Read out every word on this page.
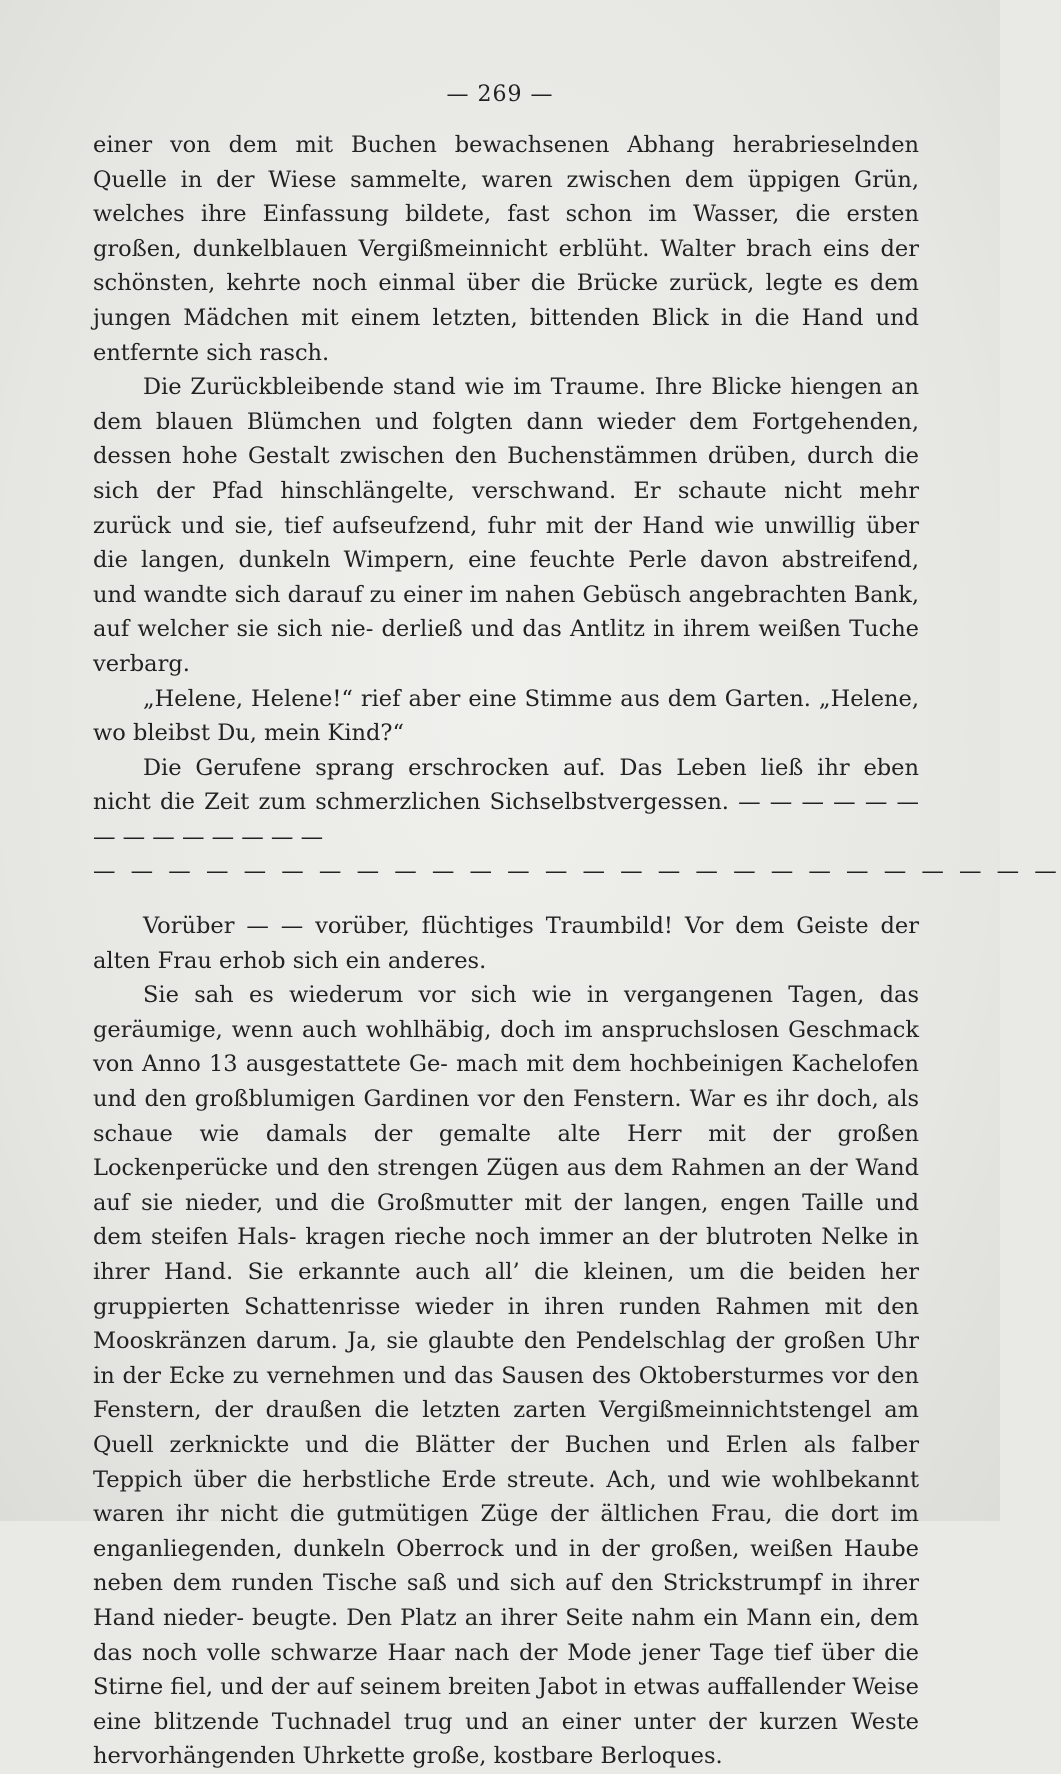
— 269 —

einer von dem mit Buchen bewachsenen Abhang herabrieselnden Quelle in der Wiese sammelte, waren zwischen dem üppigen Grün, welches ihre Einfassung bildete, fast schon im Wasser, die ersten großen, dunkelblauen Vergißmeinnicht erblüht. Walter brach eins der schönsten, kehrte noch einmal über die Brücke zurück, legte es dem jungen Mädchen mit einem letzten, bittenden Blick in die Hand und entfernte sich rasch.

Die Zurückbleibende stand wie im Traume. Ihre Blicke hiengen an dem blauen Blümchen und folgten dann wieder dem Fortgehenden, dessen hohe Gestalt zwischen den Buchenstämmen drüben, durch die sich der Pfad hinschlängelte, verschwand. Er schaute nicht mehr zurück und sie, tief aufseufzend, fuhr mit der Hand wie unwillig über die langen, dunkeln Wimpern, eine feuchte Perle davon abstreifend, und wandte sich darauf zu einer im nahen Gebüsch angebrachten Bank, auf welcher sie sich nie- derließ und das Antlitz in ihrem weißen Tuche verbarg.

„Helene, Helene!“ rief aber eine Stimme aus dem Garten. „Helene, wo bleibst Du, mein Kind?“

Die Gerufene sprang erschrocken auf. Das Leben ließ ihr eben nicht die Zeit zum schmerzlichen Sichselbstvergessen. — — — — — — — — — — — — — —

— — — — — — — — — — — — — — — — — — — — — — — — — —

Vorüber — — vorüber, flüchtiges Traumbild! Vor dem Geiste der alten Frau erhob sich ein anderes.

Sie sah es wiederum vor sich wie in vergangenen Tagen, das geräumige, wenn auch wohlhäbig, doch im anspruchslosen Geschmack von Anno 13 ausgestattete Ge- mach mit dem hochbeinigen Kachelofen und den großblumigen Gardinen vor den Fenstern. War es ihr doch, als schaue wie damals der gemalte alte Herr mit der großen Lockenperücke und den strengen Zügen aus dem Rahmen an der Wand auf sie nieder, und die Großmutter mit der langen, engen Taille und dem steifen Hals- kragen rieche noch immer an der blutroten Nelke in ihrer Hand. Sie erkannte auch all’ die kleinen, um die beiden her gruppierten Schattenrisse wieder in ihren runden Rahmen mit den Mooskränzen darum. Ja, sie glaubte den Pendelschlag der großen Uhr in der Ecke zu vernehmen und das Sausen des Oktobersturmes vor den Fenstern, der draußen die letzten zarten Vergißmeinnichtstengel am Quell zerknickte und die Blätter der Buchen und Erlen als falber Teppich über die herbstliche Erde streute. Ach, und wie wohlbekannt waren ihr nicht die gutmütigen Züge der ältlichen Frau, die dort im enganliegenden, dunkeln Oberrock und in der großen, weißen Haube neben dem runden Tische saß und sich auf den Strickstrumpf in ihrer Hand nieder- beugte. Den Platz an ihrer Seite nahm ein Mann ein, dem das noch volle schwarze Haar nach der Mode jener Tage tief über die Stirne fiel, und der auf seinem breiten Jabot in etwas auffallender Weise eine blitzende Tuchnadel trug und an einer unter der kurzen Weste hervorhängenden Uhrkette große, kostbare Berloques.
